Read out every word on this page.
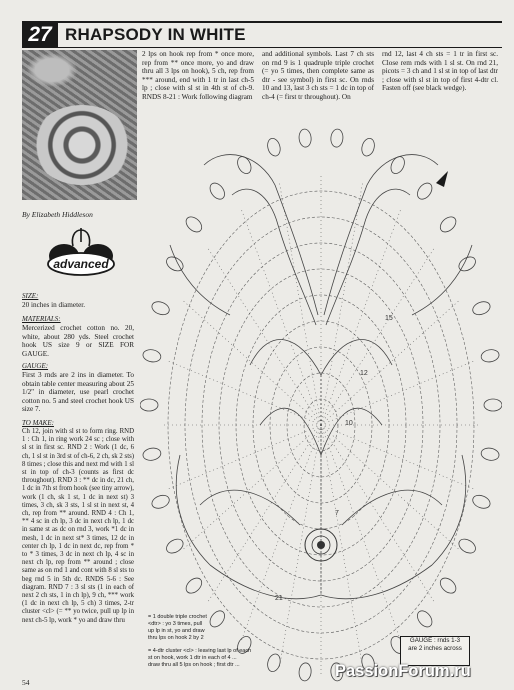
27 RHAPSODY IN WHITE
By Elizabeth Hiddleson
advanced
SIZE:
20 inches in diameter.
MATERIALS:
Mercerized crochet cotton no. 20, white, about 280 yds. Steel crochet hook US size 9 or SIZE FOR GAUGE.
GAUGE:
First 3 rnds are 2 ins in diameter. To obtain table center measuring about 25 1/2" in diameter, use pearl crochet cotton no. 5 and steel crochet hook US size 7.
TO MAKE:
Ch 12, join with sl st to form ring. RND 1 : Ch 1, in ring work 24 sc ; close with sl st in first sc. RND 2 : Work (1 dc, 6 ch, 1 sl st in 3rd st of ch-6, 2 ch, sk 2 sts) 8 times ; close this and next rnd with 1 sl st in top of ch-3 (counts as first dc throughout). RND 3 : ** dc in dc, 21 ch, 1 dc in 7th st from hook (see tiny arrow), work (1 ch, sk 1 st, 1 dc in next st) 3 times, 3 ch, sk 3 sts, 1 sl st in next st, 4 ch, rep from ** around. RND 4 : Ch 1, ** 4 sc in ch lp, 3 dc in next ch lp, 1 dc in same st as dc on rnd 3, work *1 dc in mesh, 1 dc in next st* 3 times, 12 dc in center ch lp, 1 dc in next dc, rep from * to * 3 times, 3 dc in next ch lp, 4 sc in next ch lp, rep from ** around ; close same as on rnd 1 and cont with 8 sl sts to beg rnd 5 in 5th dc. RNDS 5-6 : See diagram. RND 7 : 3 sl sts (1 in each of next 2 ch sts, 1 in ch lp), 9 ch, *** work (1 dc in next ch lp, 5 ch) 3 times, 2-tr cluster <cl> (= ** yo twice, pull up lp in next ch-5 lp, work * yo and draw thru
2 lps on hook rep from * once more, rep from ** once more, yo and draw thru all 3 lps on hook), 5 ch, rep from *** around, end with 1 tr in last ch-5 lp ; close with sl st in 4th st of ch-9. RNDS 8-21 : Work following diagram
and additional symbols. Last 7 ch sts on rnd 9 is 1 quadruple triple crochet (= yo 5 times, then complete same as dtr - see symbol) in first sc. On rnds 10 and 13, last 3 ch sts = 1 dc in top of ch-4 (= first tr throughout). On
rnd 12, last 4 ch sts = 1 tr in first sc. Close rem rnds with 1 sl st. On rnd 21, picots = 3 ch and 1 sl st in top of last dtr ; close with sl st in top of first 4-dtr cl. Fasten off (see black wedge).
15
12
10
7
21
= 1 double triple crochet
<dtr> : yo 3 times, pull
up lp in st, yo and draw
thru lps on hook 2 by 2
= 4-dtr cluster <cl> : leaving last lp of each
st on hook, work 1 dtr in each of 4 ...
draw thru all 5 lps on hook ; first dtr ...
GAUGE : rnds 1-3
are 2 inches across
54
PassionForum.ru
